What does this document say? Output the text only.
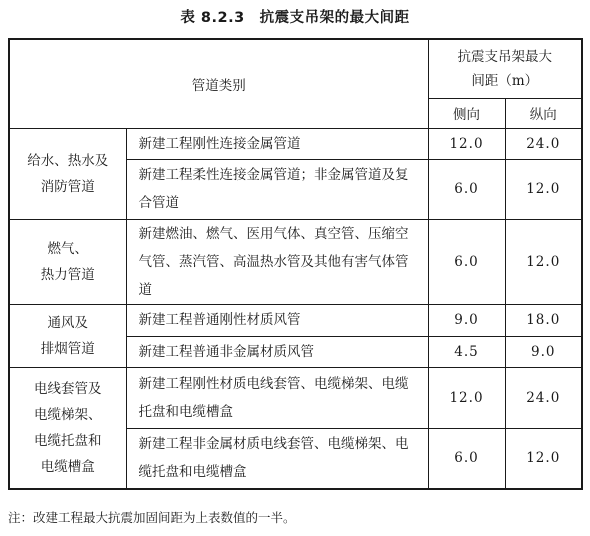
表 8.2.3　抗震支吊架的最大间距
管道类别		抗震支吊架最大
间距（m）	

		侧向	纵向

给水、热水及
消防管道	新建工程刚性连接金属管道	12.0	24.0
	新建工程柔性连接金属管道；非金属管道及复合管道	6.0	12.0

燃气、
热力管道	新建燃油、燃气、医用气体、真空管、压缩空气管、蒸汽管、高温热水管及其他有害气体管道	6.0	12.0

通风及
排烟管道	新建工程普通刚性材质风管	9.0	18.0
	新建工程普通非金属材质风管	4.5	9.0

电线套管及
电缆梯架、
电缆托盘和
电缆槽盒	新建工程刚性材质电线套管、电缆梯架、电缆托盘和电缆槽盒	12.0	24.0
	新建工程非金属材质电线套管、电缆梯架、电缆托盘和电缆槽盒	6.0	12.0
注：改建工程最大抗震加固间距为上表数值的一半。
